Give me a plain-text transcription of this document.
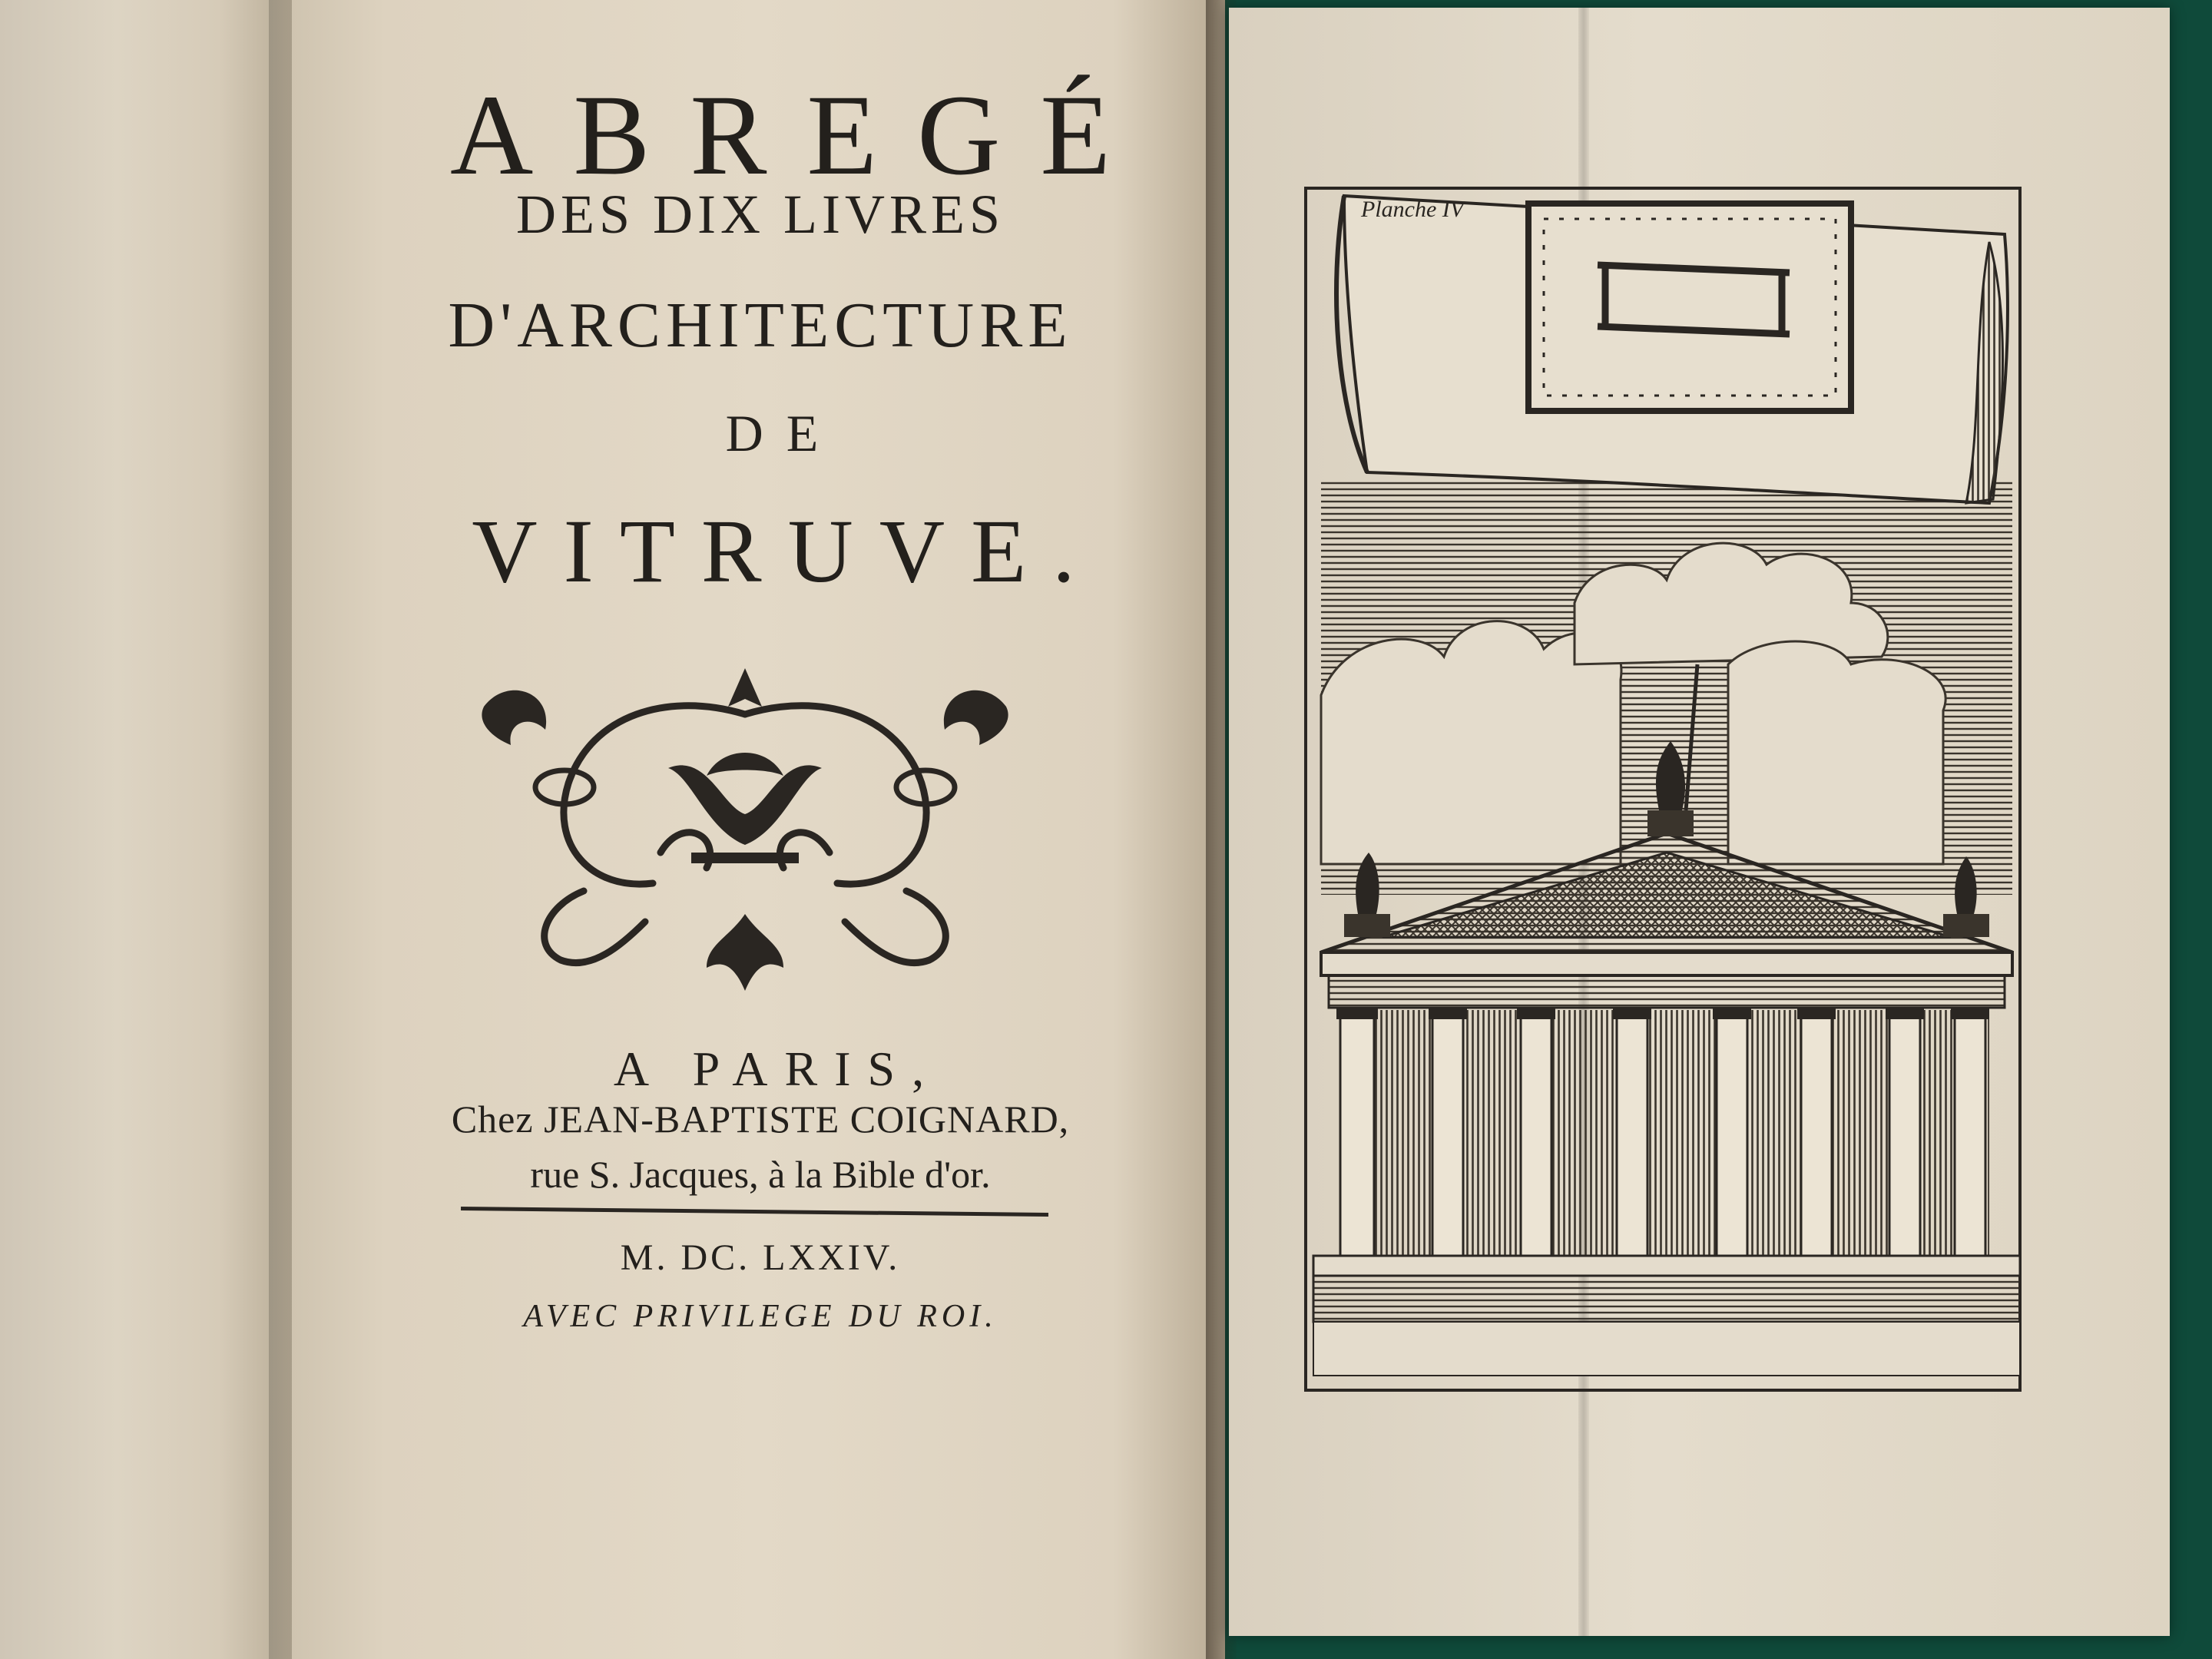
ABREGÉ
DES DIX LIVRES
D'ARCHITECTURE
DE
VITRUVE.
A PARIS,
Chez JEAN-BAPTISTE COIGNARD,
rue S. Jacques, à la Bible d'or.
M. DC. LXXIV.
AVEC PRIVILEGE DU ROI.
Planche IV
